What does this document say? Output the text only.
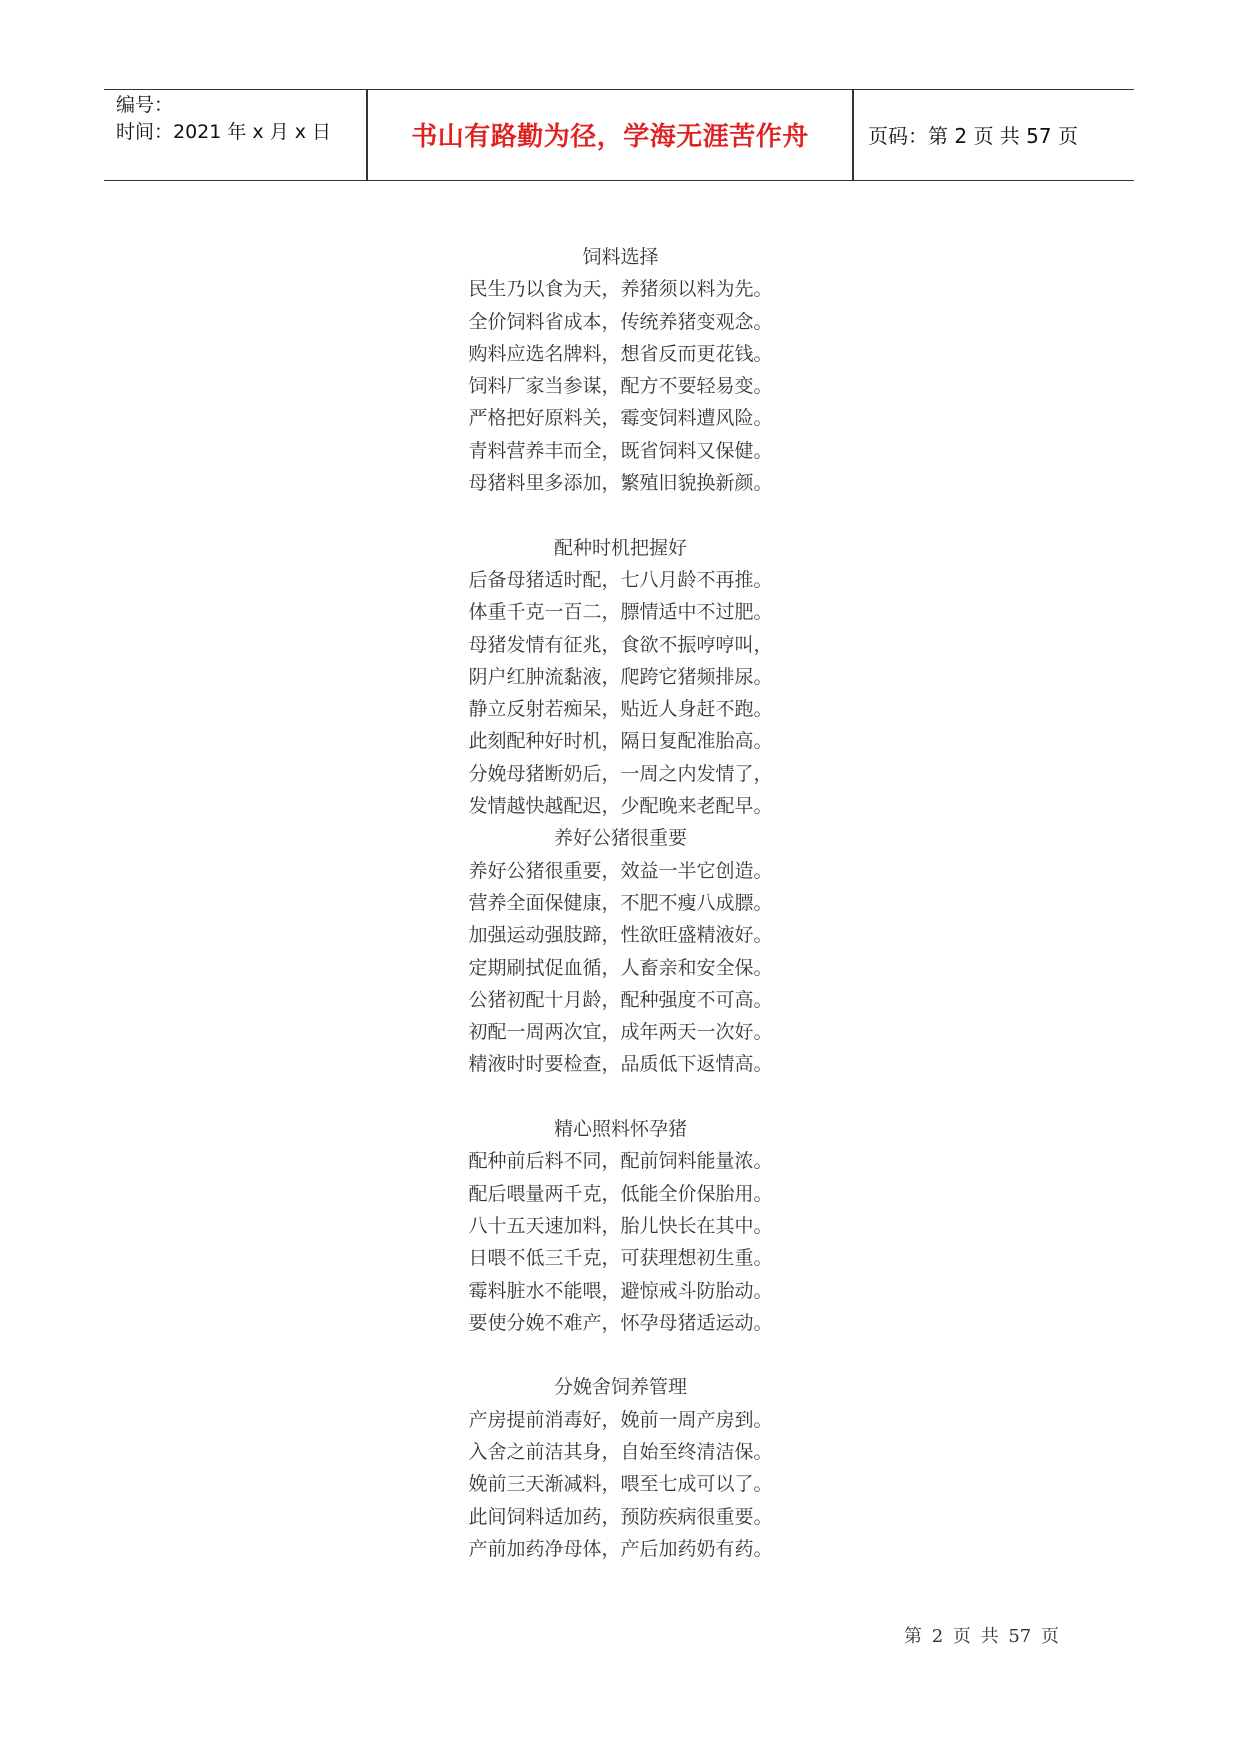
编号：
时间：2021 年 x 月 x 日	书山有路勤为径，学海无涯苦作舟	页码：第 2 页 共 57 页
饲料选择
民生乃以食为天，养猪须以料为先。
全价饲料省成本，传统养猪变观念。
购料应选名牌料，想省反而更花钱。
饲料厂家当参谋，配方不要轻易变。
严格把好原料关，霉变饲料遭风险。
青料营养丰而全，既省饲料又保健。
母猪料里多添加，繁殖旧貌换新颜。
配种时机把握好
后备母猪适时配，七八月龄不再推。
体重千克一百二，膘情适中不过肥。
母猪发情有征兆，食欲不振哼哼叫，
阴户红肿流黏液，爬跨它猪频排尿。
静立反射若痴呆，贴近人身赶不跑。
此刻配种好时机，隔日复配准胎高。
分娩母猪断奶后，一周之内发情了，
发情越快越配迟，少配晚来老配早。
养好公猪很重要
养好公猪很重要，效益一半它创造。
营养全面保健康，不肥不瘦八成膘。
加强运动强肢蹄，性欲旺盛精液好。
定期刷拭促血循，人畜亲和安全保。
公猪初配十月龄，配种强度不可高。
初配一周两次宜，成年两天一次好。
精液时时要检查，品质低下返情高。
精心照料怀孕猪
配种前后料不同，配前饲料能量浓。
配后喂量两千克，低能全价保胎用。
八十五天速加料，胎儿快长在其中。
日喂不低三千克，可获理想初生重。
霉料脏水不能喂，避惊戒斗防胎动。
要使分娩不难产，怀孕母猪适运动。
分娩舍饲养管理
产房提前消毒好，娩前一周产房到。
入舍之前洁其身，自始至终清洁保。
娩前三天渐减料，喂至七成可以了。
此间饲料适加药，预防疾病很重要。
产前加药净母体，产后加药奶有药。
第 2 页 共 57 页
